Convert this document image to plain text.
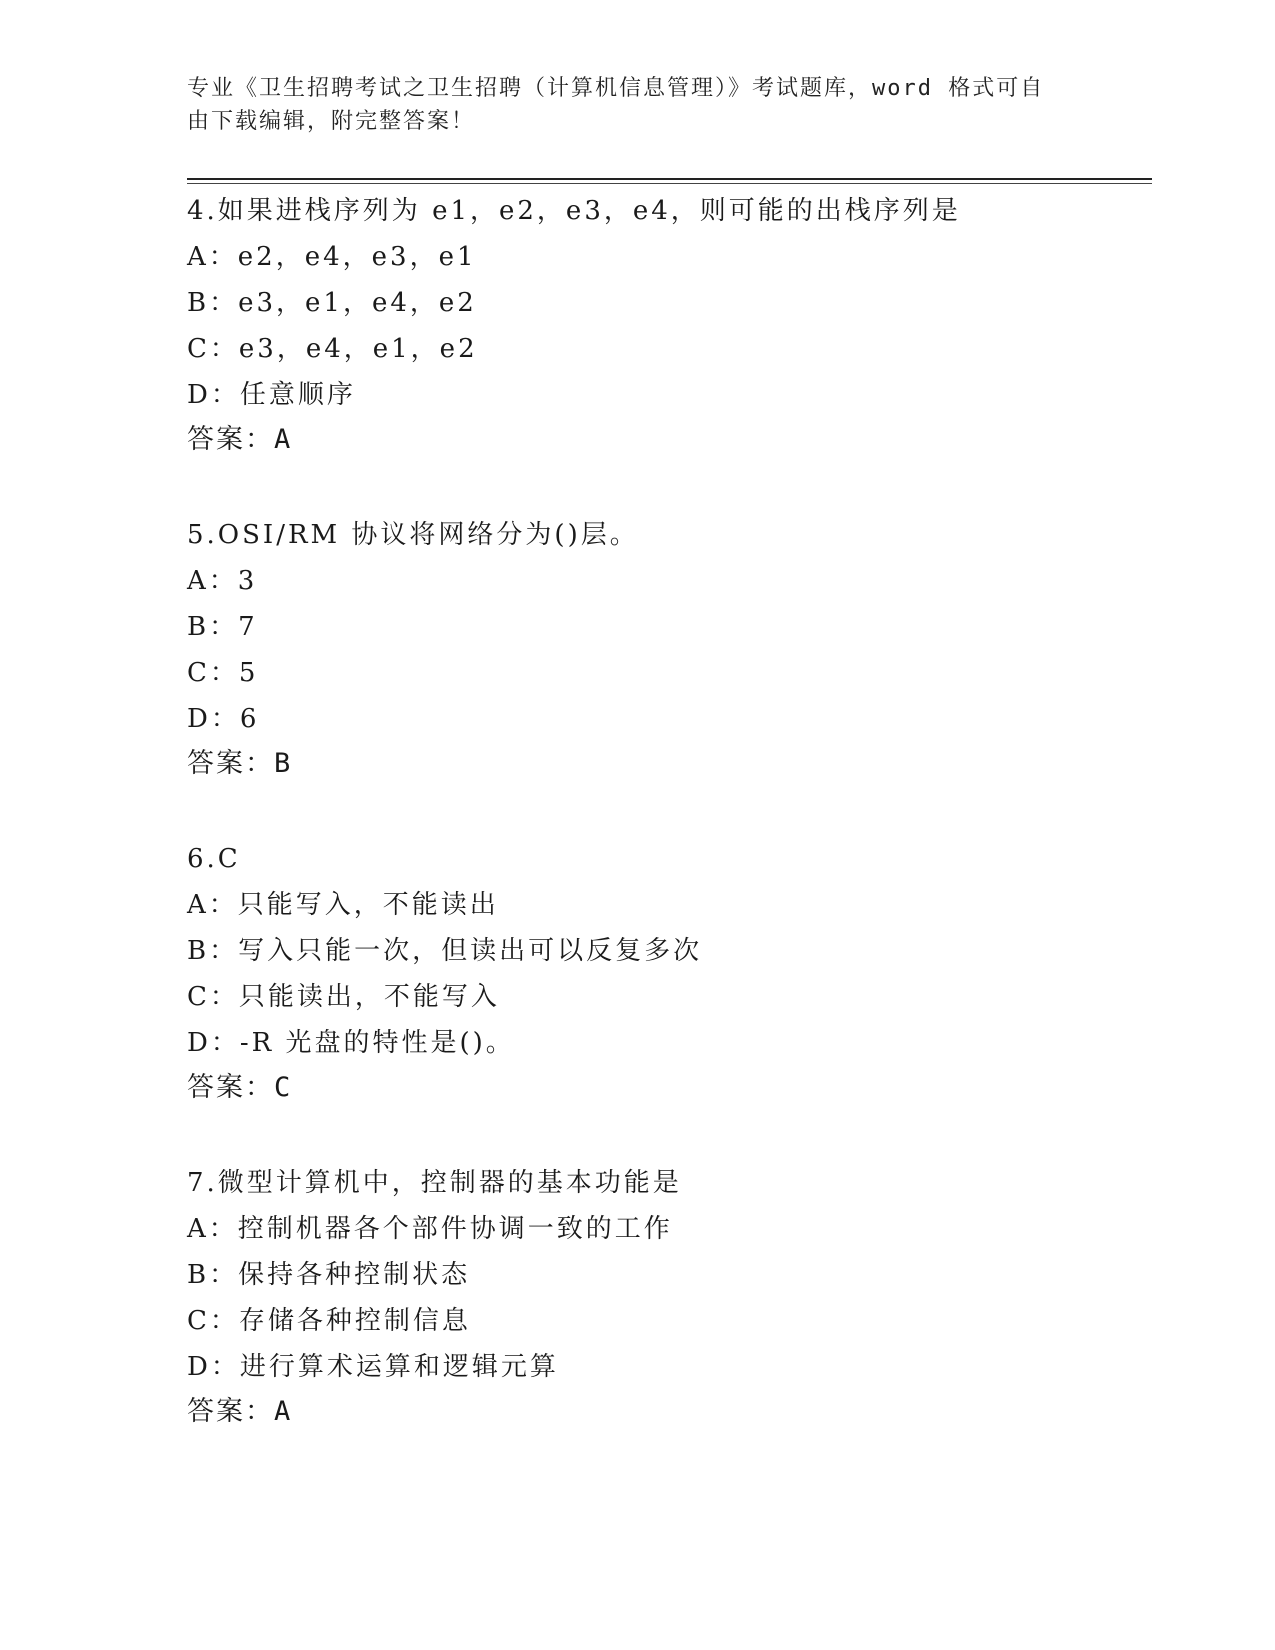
专业《卫生招聘考试之卫生招聘（计算机信息管理）》考试题库，word 格式可自
由下载编辑，附完整答案！
4.如果进栈序列为 e1，e2，e3，e4，则可能的出栈序列是
A：e2，e4，e3，e1
B：e3，e1，e4，e2
C：e3，e4，e1，e2
D：任意顺序
答案：A
5.OSI/RM 协议将网络分为()层。
A：3
B：7
C：5
D：6
答案：B
6.C
A：只能写入，不能读出
B：写入只能一次，但读出可以反复多次
C：只能读出，不能写入
D：-R 光盘的特性是()。
答案：C
7.微型计算机中，控制器的基本功能是
A：控制机器各个部件协调一致的工作
B：保持各种控制状态
C：存储各种控制信息
D：进行算术运算和逻辑元算
答案：A
